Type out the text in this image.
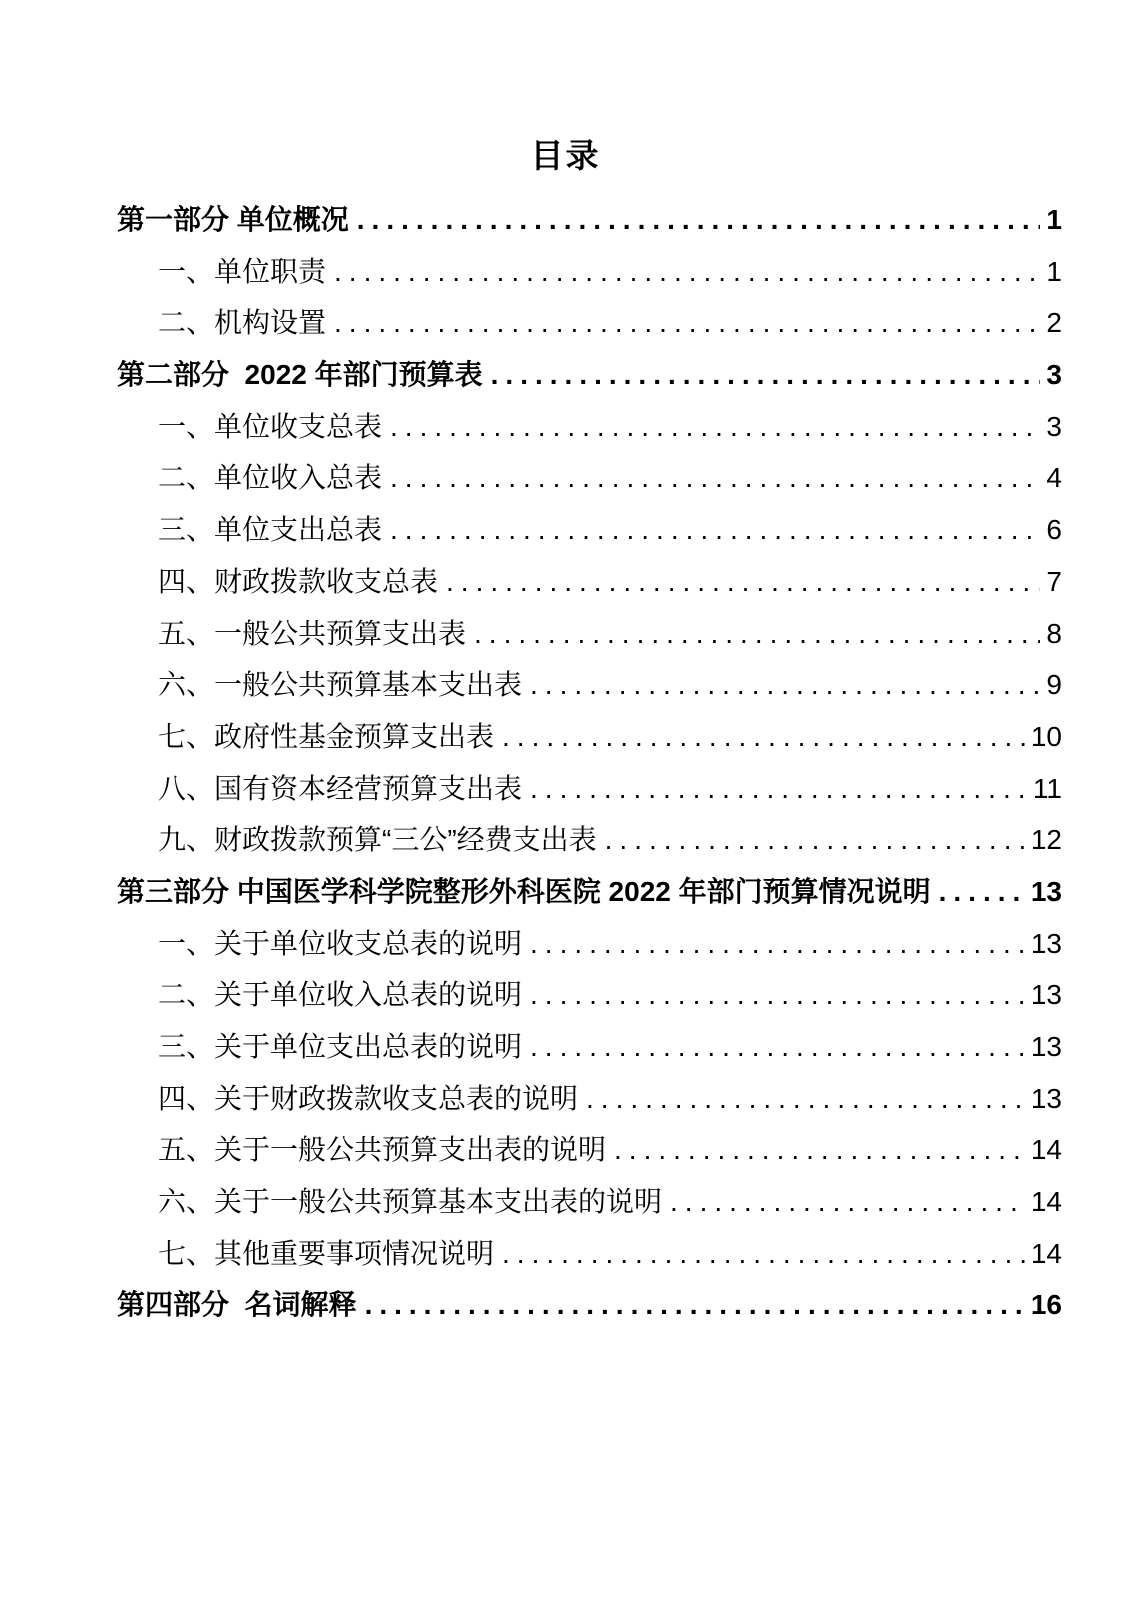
目录
第一部分 单位概况 .....	1
一、单位职责 .....	1
二、机构设置 .....	2
第二部分  2022 年部门预算表 .....	3
一、单位收支总表 .....	3
二、单位收入总表 .....	4
三、单位支出总表 .....	6
四、财政拨款收支总表 .....	7
五、一般公共预算支出表 .....	8
六、一般公共预算基本支出表 .....	9
七、政府性基金预算支出表 .....	10
八、国有资本经营预算支出表 .....	11
九、财政拨款预算“三公”经费支出表 .....	12
第三部分 中国医学科学院整形外科医院 2022 年部门预算情况说明 .....	13
一、关于单位收支总表的说明 .....	13
二、关于单位收入总表的说明 .....	13
三、关于单位支出总表的说明 .....	13
四、关于财政拨款收支总表的说明 .....	13
五、关于一般公共预算支出表的说明 .....	14
六、关于一般公共预算基本支出表的说明 .....	14
七、其他重要事项情况说明 .....	14
第四部分  名词解释 .....	16
